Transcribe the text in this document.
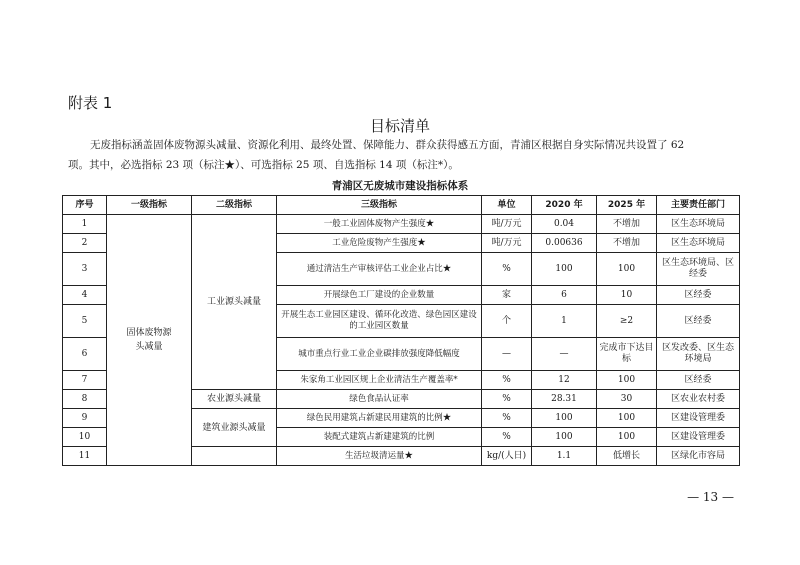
附表 1
目标清单

无废指标涵盖固体废物源头减量、资源化利用、最终处置、保障能力、群众获得感五方面，青浦区根据自身实际情况共设置了 62

项。其中，必选指标 23 项（标注★）、可选指标 25 项、自选指标 14 项（标注*）。

青浦区无废城市建设指标体系
序号	一级指标	二级指标	三级指标	单位	2020 年	2025 年	主要责任部门
1	固体废物源头减量	工业源头减量	一般工业固体废物产生强度★	吨/万元	0.04	不增加	区生态环境局
2			工业危险废物产生强度★	吨/万元	0.00636	不增加	区生态环境局
3			通过清洁生产审核评估工业企业占比★	%	100	100	区生态环境局、区经委
4			开展绿色工厂建设的企业数量	家	6	10	区经委
5			开展生态工业园区建设、循环化改造、绿色园区建设的工业园区数量	个	1	≥2	区经委
6			城市重点行业工业企业碳排放强度降低幅度	—	—	完成市下达目标	区发改委、区生态环境局
7			朱家角工业园区规上企业清洁生产覆盖率*	%	12	100	区经委
8		农业源头减量	绿色食品认证率	%	28.31	30	区农业农村委
9		建筑业源头减量	绿色民用建筑占新建民用建筑的比例★	%	100	100	区建设管理委
10			装配式建筑占新建建筑的比例	%	100	100	区建设管理委
11			生活垃圾清运量★	kg/(人日)	1.1	低增长	区绿化市容局
— 13 —
